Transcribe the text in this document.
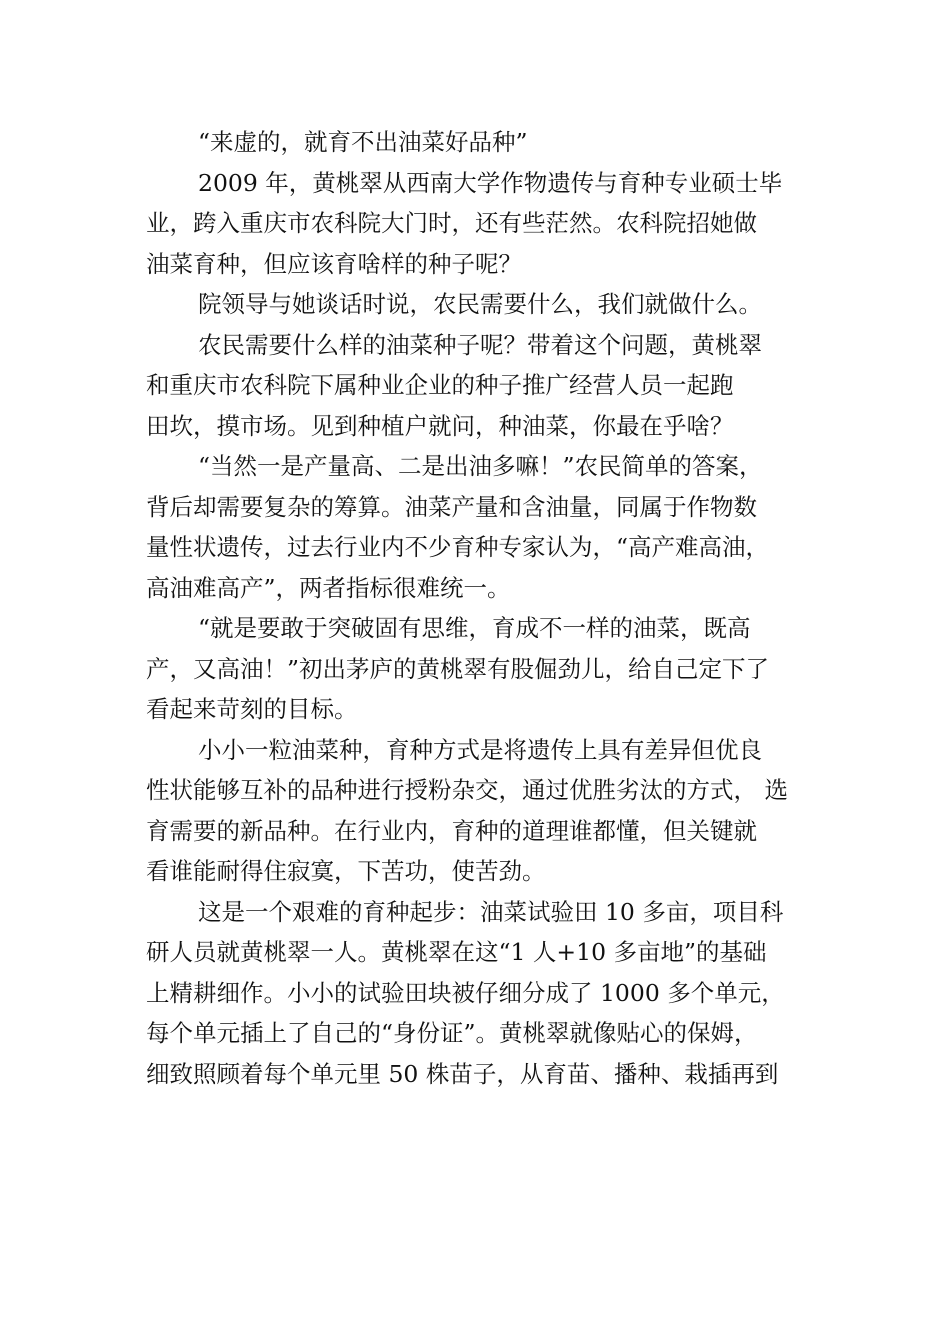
“来虚的，就育不出油菜好品种”
2009 年，黄桃翠从西南大学作物遗传与育种专业硕士毕
业，跨入重庆市农科院大门时，还有些茫然。农科院招她做
油菜育种，但应该育啥样的种子呢？
院领导与她谈话时说，农民需要什么，我们就做什么。
农民需要什么样的油菜种子呢？带着这个问题，黄桃翠
和重庆市农科院下属种业企业的种子推广经营人员一起跑
田坎，摸市场。见到种植户就问，种油菜，你最在乎啥？
“当然一是产量高、二是出油多嘛！”农民简单的答案，
背后却需要复杂的筹算。油菜产量和含油量，同属于作物数
量性状遗传，过去行业内不少育种专家认为，“高产难高油，
高油难高产”，两者指标很难统一。
“就是要敢于突破固有思维，育成不一样的油菜，既高
产，又高油！”初出茅庐的黄桃翠有股倔劲儿，给自己定下了
看起来苛刻的目标。
小小一粒油菜种，育种方式是将遗传上具有差异但优良
性状能够互补的品种进行授粉杂交，通过优胜劣汰的方式， 选
育需要的新品种。在行业内，育种的道理谁都懂，但关键就
看谁能耐得住寂寞，下苦功，使苦劲。
这是一个艰难的育种起步：油菜试验田 10 多亩，项目科
研人员就黄桃翠一人。黄桃翠在这“1 人+10 多亩地”的基础
上精耕细作。小小的试验田块被仔细分成了 1000 多个单元，
每个单元插上了自己的“身份证”。黄桃翠就像贴心的保姆，
细致照顾着每个单元里 50 株苗子，从育苗、播种、栽插再到
